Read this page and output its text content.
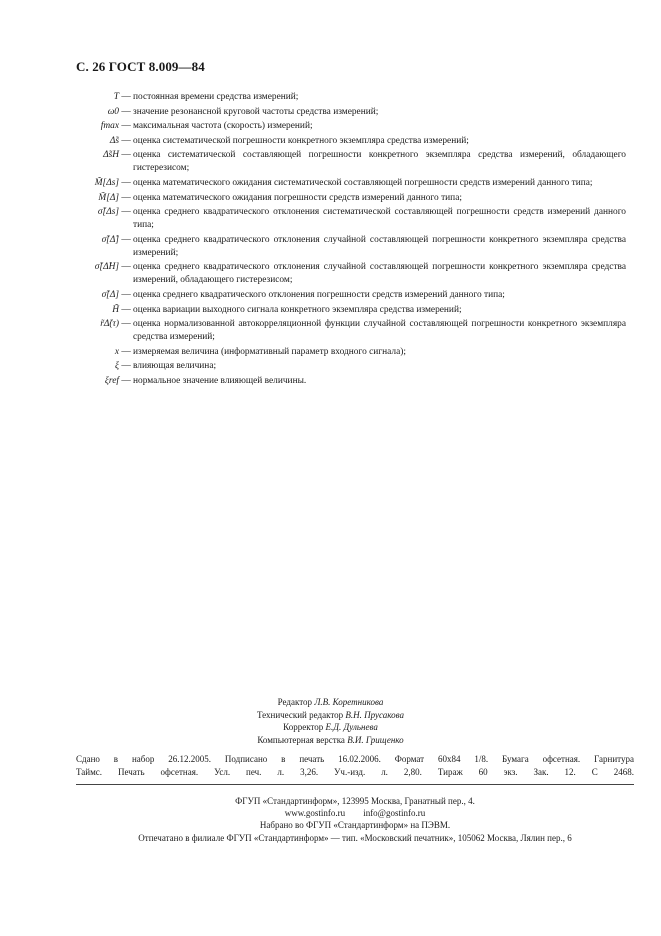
С. 26 ГОСТ 8.009—84
T — постоянная времени средства измерений;
ω0 — значение резонансной круговой частоты средства измерений;
fmax — максимальная частота (скорость) измерений;
Δ̃s — оценка систематической погрешности конкретного экземпляра средства измерений;
Δ̃sH — оценка систематической составляющей погрешности конкретного экземпляра средства измерений, обладающего гистерезисом;
M̃[Δs] — оценка математического ожидания систематической составляющей погрешности средств измерений данного типа;
M̃[Δ] — оценка математического ожидания погрешности средств измерений данного типа;
σ̃[Δs] — оценка среднего квадратического отклонения систематической составляющей погрешности средств измерений данного типа;
σ̃[Δ̊] — оценка среднего квадратического отклонения случайной составляющей погрешности конкретного экземпляра средства измерений;
σ̃[Δ̊H] — оценка среднего квадратического отклонения случайной составляющей погрешности конкретного экземпляра средства измерений, обладающего гистерезисом;
σ̃[Δ] — оценка среднего квадратического отклонения погрешности средств измерений данного типа;
H̃ — оценка вариации выходного сигнала конкретного экземпляра средства измерений;
r̃Δ̊(τ) — оценка нормализованной автокорреляционной функции случайной составляющей погрешности конкретного экземпляра средства измерений;
x — измеряемая величина (информативный параметр входного сигнала);
ξ — влияющая величина;
ξref — нормальное значение влияющей величины.
Редактор Л.В. Коретникова
Технический редактор В.Н. Прусакова
Корректор Е.Д. Дульнева
Компьютерная верстка В.И. Грищенко
Сдано в набор 26.12.2005. Подписано в печать 16.02.2006. Формат 60x84 1/8. Бумага офсетная. Гарнитура
Таймс. Печать офсетная. Усл. печ. л. 3,26. Уч.-изд. л. 2,80. Тираж 60 экз. Зак. 12. С 2468.
ФГУП «Стандартинформ», 123995 Москва, Гранатный пер., 4.
www.gostinfo.ru info@gostinfo.ru
Набрано во ФГУП «Стандартинформ» на ПЭВМ.
Отпечатано в филиале ФГУП «Стандартинформ» — тип. «Московский печатник», 105062 Москва, Лялин пер., 6
